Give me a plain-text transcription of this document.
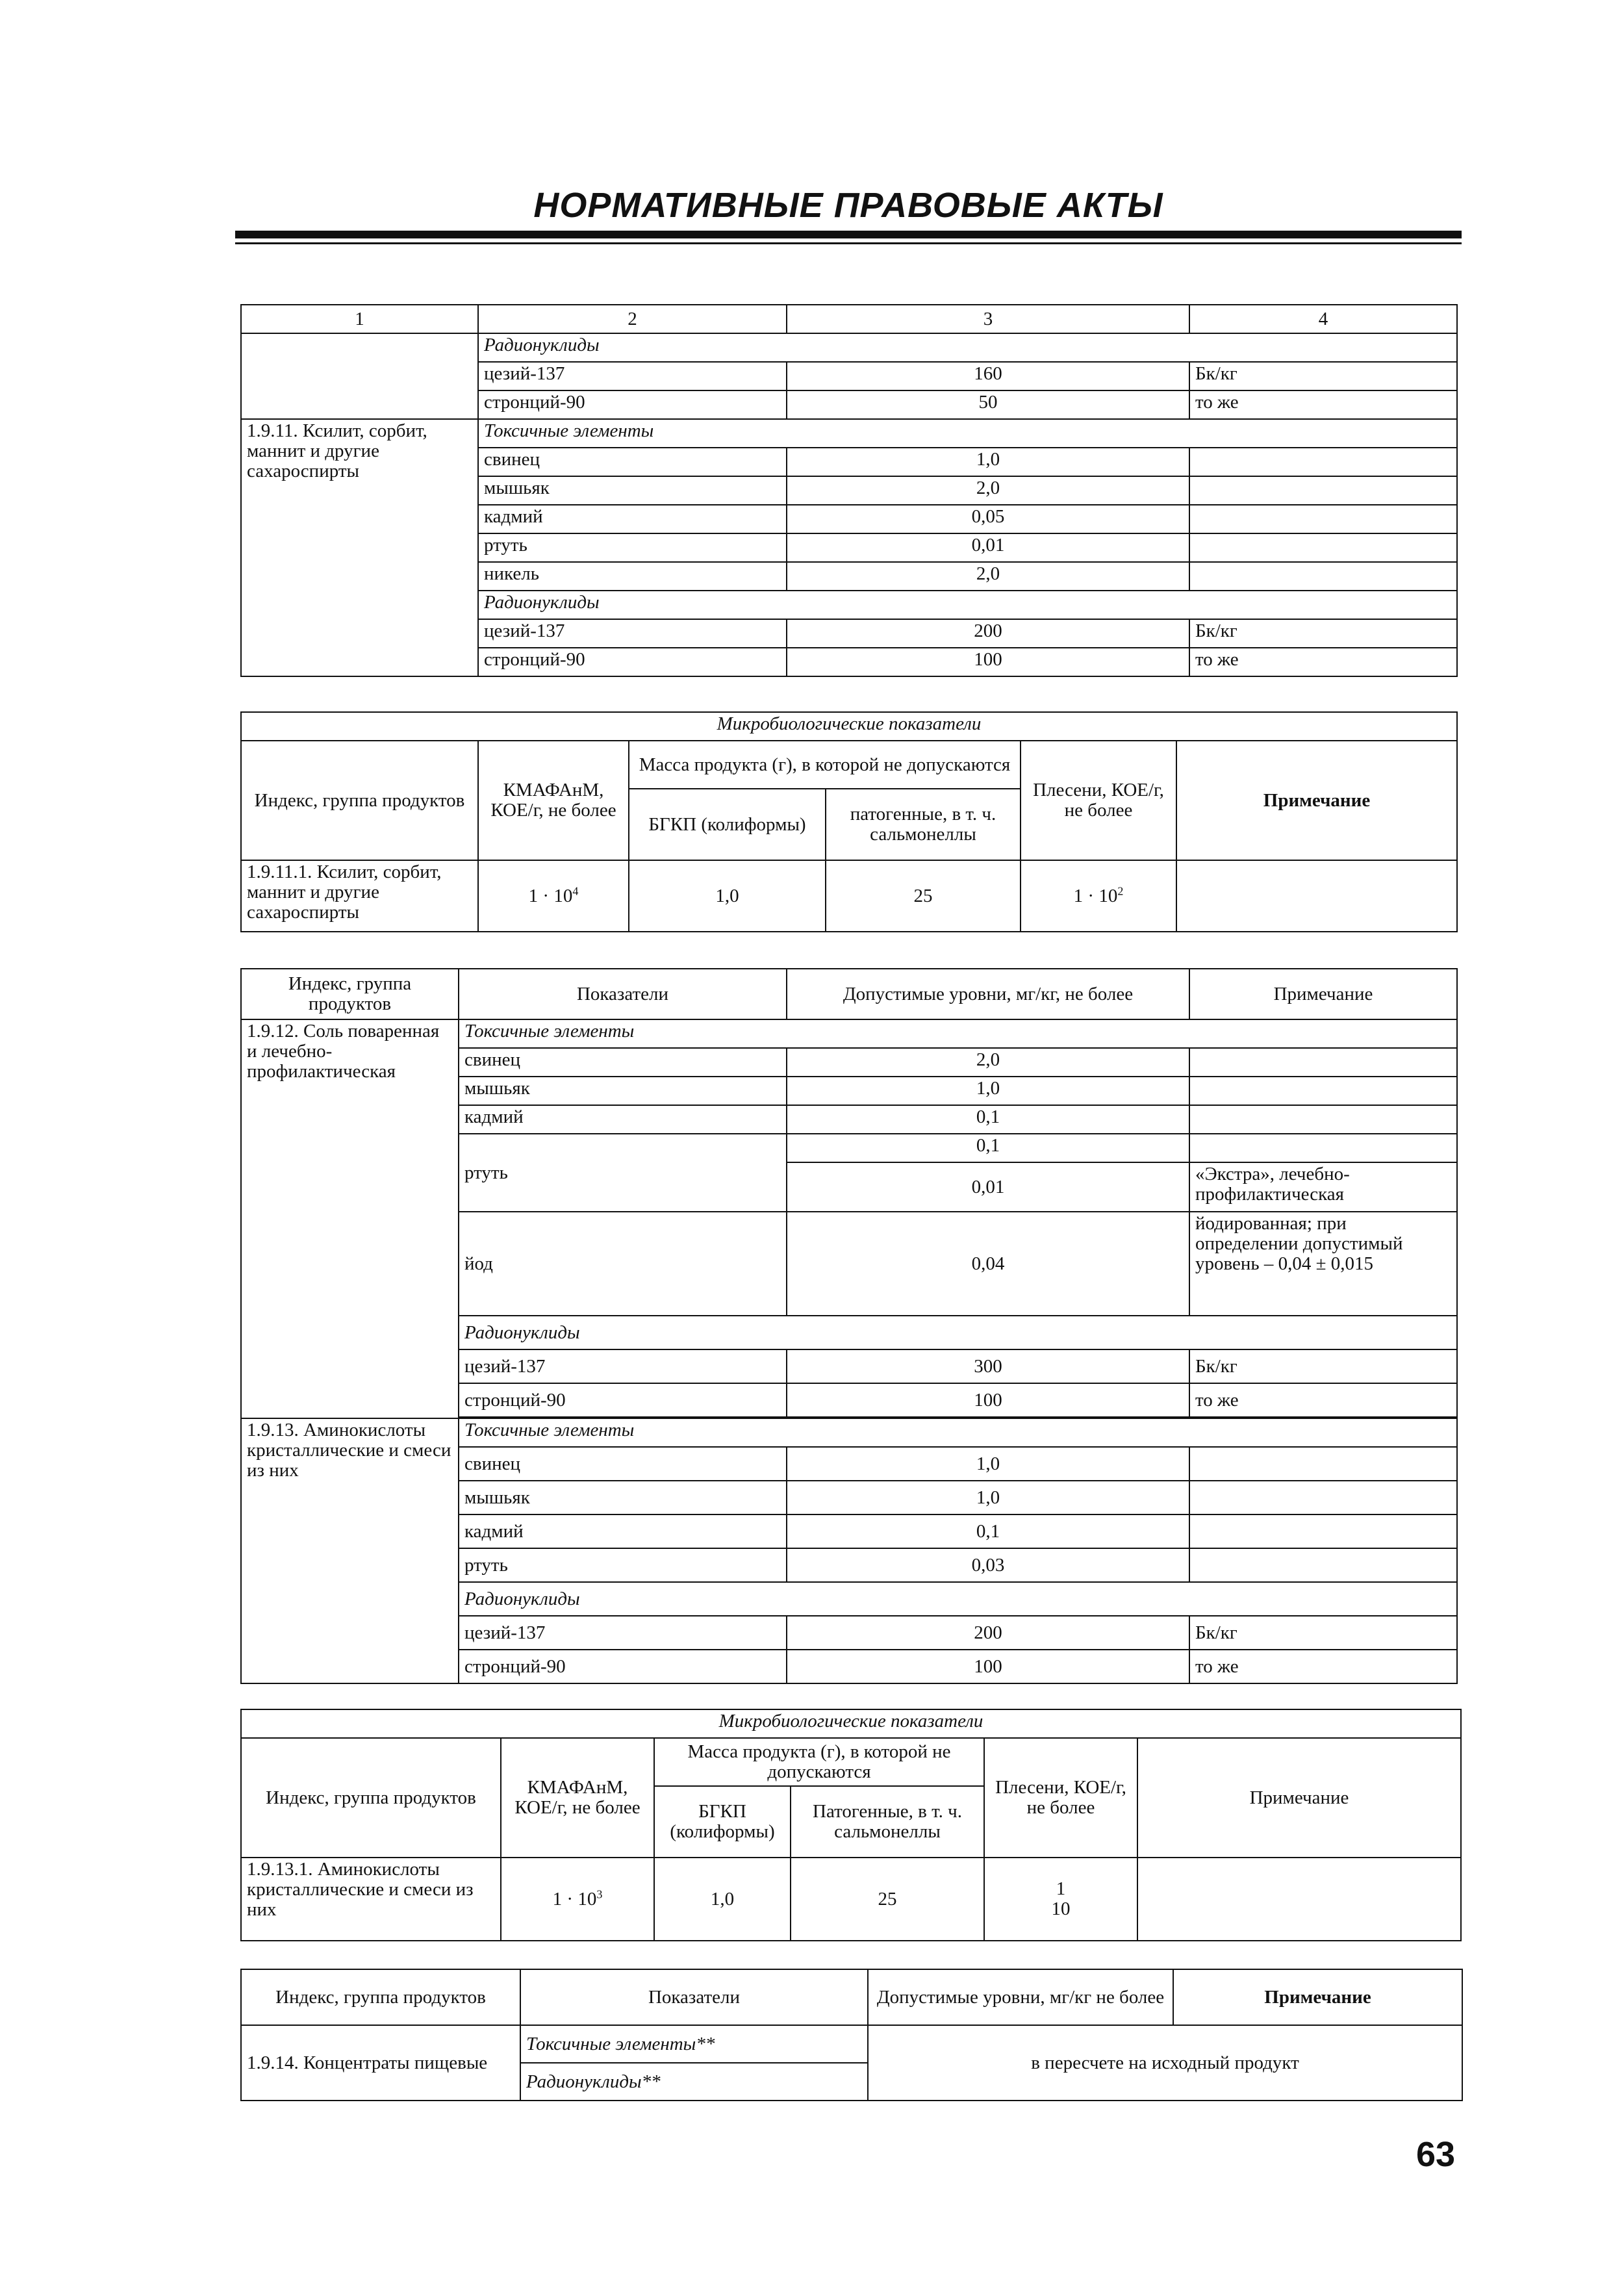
НОРМАТИВНЫЕ ПРАВОВЫЕ АКТЫ
1	2	3	4
	Радионуклиды		
	цезий-137	160	Бк/кг
	стронций-90	50	то же
1.9.11. Ксилит, сорбит, маннит и другие сахароспирты	Токсичные элементы		
	свинец	1,0	
	мышьяк	2,0	
	кадмий	0,05	
	ртуть	0,01	
	никель	2,0	
	Радионуклиды		
	цезий-137	200	Бк/кг
	стронций-90	100	то же
Микробиологические показатели					
Индекс, группа продуктов	КМАФАнМ, КОЕ/г, не более	Масса продукта (г), в которой не допускаются		Плесени, КОЕ/г, не более	Примечание
		БГКП (колиформы)	патогенные, в т. ч. сальмонеллы		
1.9.11.1. Ксилит, сорбит, маннит и другие сахароспирты	$1 \cdot 10^4$	1,0	25	$1 \cdot 10^2$	
Индекс, группа продуктов	Показатели	Допустимые уровни, мг/кг, не более	Примечание
1.9.12. Соль поваренная и лечебно-профилактическая	Токсичные элементы		
	свинец	2,0	
	мышьяк	1,0	
	кадмий	0,1	
	ртуть	0,1	
		0,01	«Экстра», лечебно-профилактическая
	йод	0,04	йодированная; при определении допустимый уровень – 0,04 ± 0,015
	Радионуклиды		
	цезий-137	300	Бк/кг
	стронций-90	100	то же

1.9.13. Аминокислоты кристаллические и смеси из них	Токсичные элементы		
	свинец	1,0	
	мышьяк	1,0	
	кадмий	0,1	
	ртуть	0,03	
	Радионуклиды		
	цезий-137	200	Бк/кг
	стронций-90	100	то же
Микробиологические показатели					
Индекс, группа продуктов	КМАФАнМ, КОЕ/г, не более	Масса продукта (г), в которой не допускаются		Плесени, КОЕ/г, не более	Примечание
		БГКП (колиформы)	Патогенные, в т. ч. сальмонеллы		
1.9.13.1. Аминокислоты кристаллические и смеси из них	$1 \cdot 10^3$	1,0	25	1
10	

Индекс, группа продуктов	Показатели	Допустимые уровни, мг/кг не более	Примечание
1.9.14. Концентраты пищевые	Токсичные элементы**	в пересчете на исходный продукт	
	Радионуклиды**		
63
